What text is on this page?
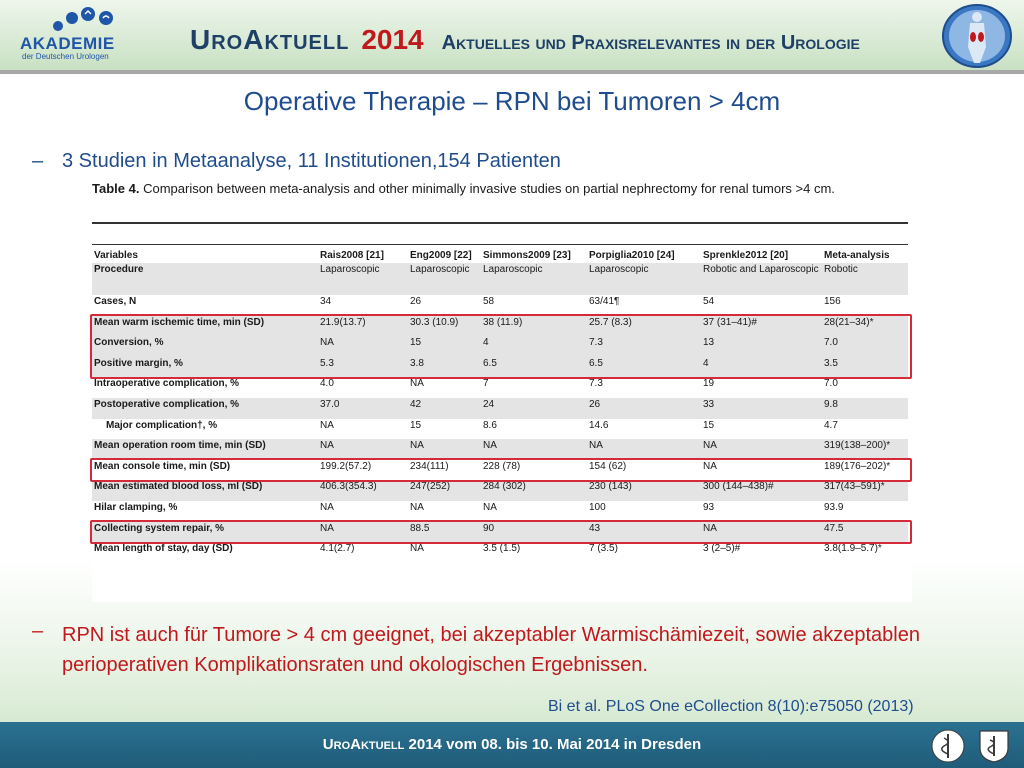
AKADEMIE
der Deutschen Urologen
UroAktuell 2014 Aktuelles und Praxisrelevantes in der Urologie
Operative Therapie – RPN bei Tumoren > 4cm
– 3 Studien in Metaanalyse, 11 Institutionen,154 Patienten
Table 4. Comparison between meta-analysis and other minimally invasive studies on partial nephrectomy for renal tumors >4 cm.
Variables	Rais2008 [21]	Eng2009 [22]	Simmons2009 [23]	Porpiglia2010 [24]	Sprenkle2012 [20]	Meta-analysis
Procedure	Laparoscopic	Laparoscopic	Laparoscopic	Laparoscopic	Robotic and Laparoscopic	Robotic
Cases, N	34	26	58	63/41¶	54	156
Mean warm ischemic time, min (SD)	21.9(13.7)	30.3 (10.9)	38 (11.9)	25.7 (8.3)	37 (31–41)#	28(21–34)*
Conversion, %	NA	15	4	7.3	13	7.0
Positive margin, %	5.3	3.8	6.5	6.5	4	3.5
Intraoperative complication, %	4.0	NA	7	7.3	19	7.0
Postoperative complication, %	37.0	42	24	26	33	9.8
Major complication†, %	NA	15	8.6	14.6	15	4.7
Mean operation room time, min (SD)	NA	NA	NA	NA	NA	319(138–200)*
Mean console time, min (SD)	199.2(57.2)	234(111)	228 (78)	154 (62)	NA	189(176–202)*
Mean estimated blood loss, ml (SD)	406.3(354.3)	247(252)	284 (302)	230 (143)	300 (144–438)#	317(43–591)*
Hilar clamping, %	NA	NA	NA	100	93	93.9
Collecting system repair, %	NA	88.5	90	43	NA	47.5
Mean length of stay, day (SD)	4.1(2.7)	NA	3.5 (1.5)	7 (3.5)	3 (2–5)#	3.8(1.9–5.7)*
– RPN ist auch für Tumore > 4 cm geeignet, bei akzeptabler Warmischämiezeit, sowie akzeptablen perioperativen Komplikationsraten und okologischen Ergebnissen.
Bi et al. PLoS One eCollection 8(10):e75050 (2013)
UroAktuell 2014 vom 08. bis 10. Mai 2014 in Dresden
